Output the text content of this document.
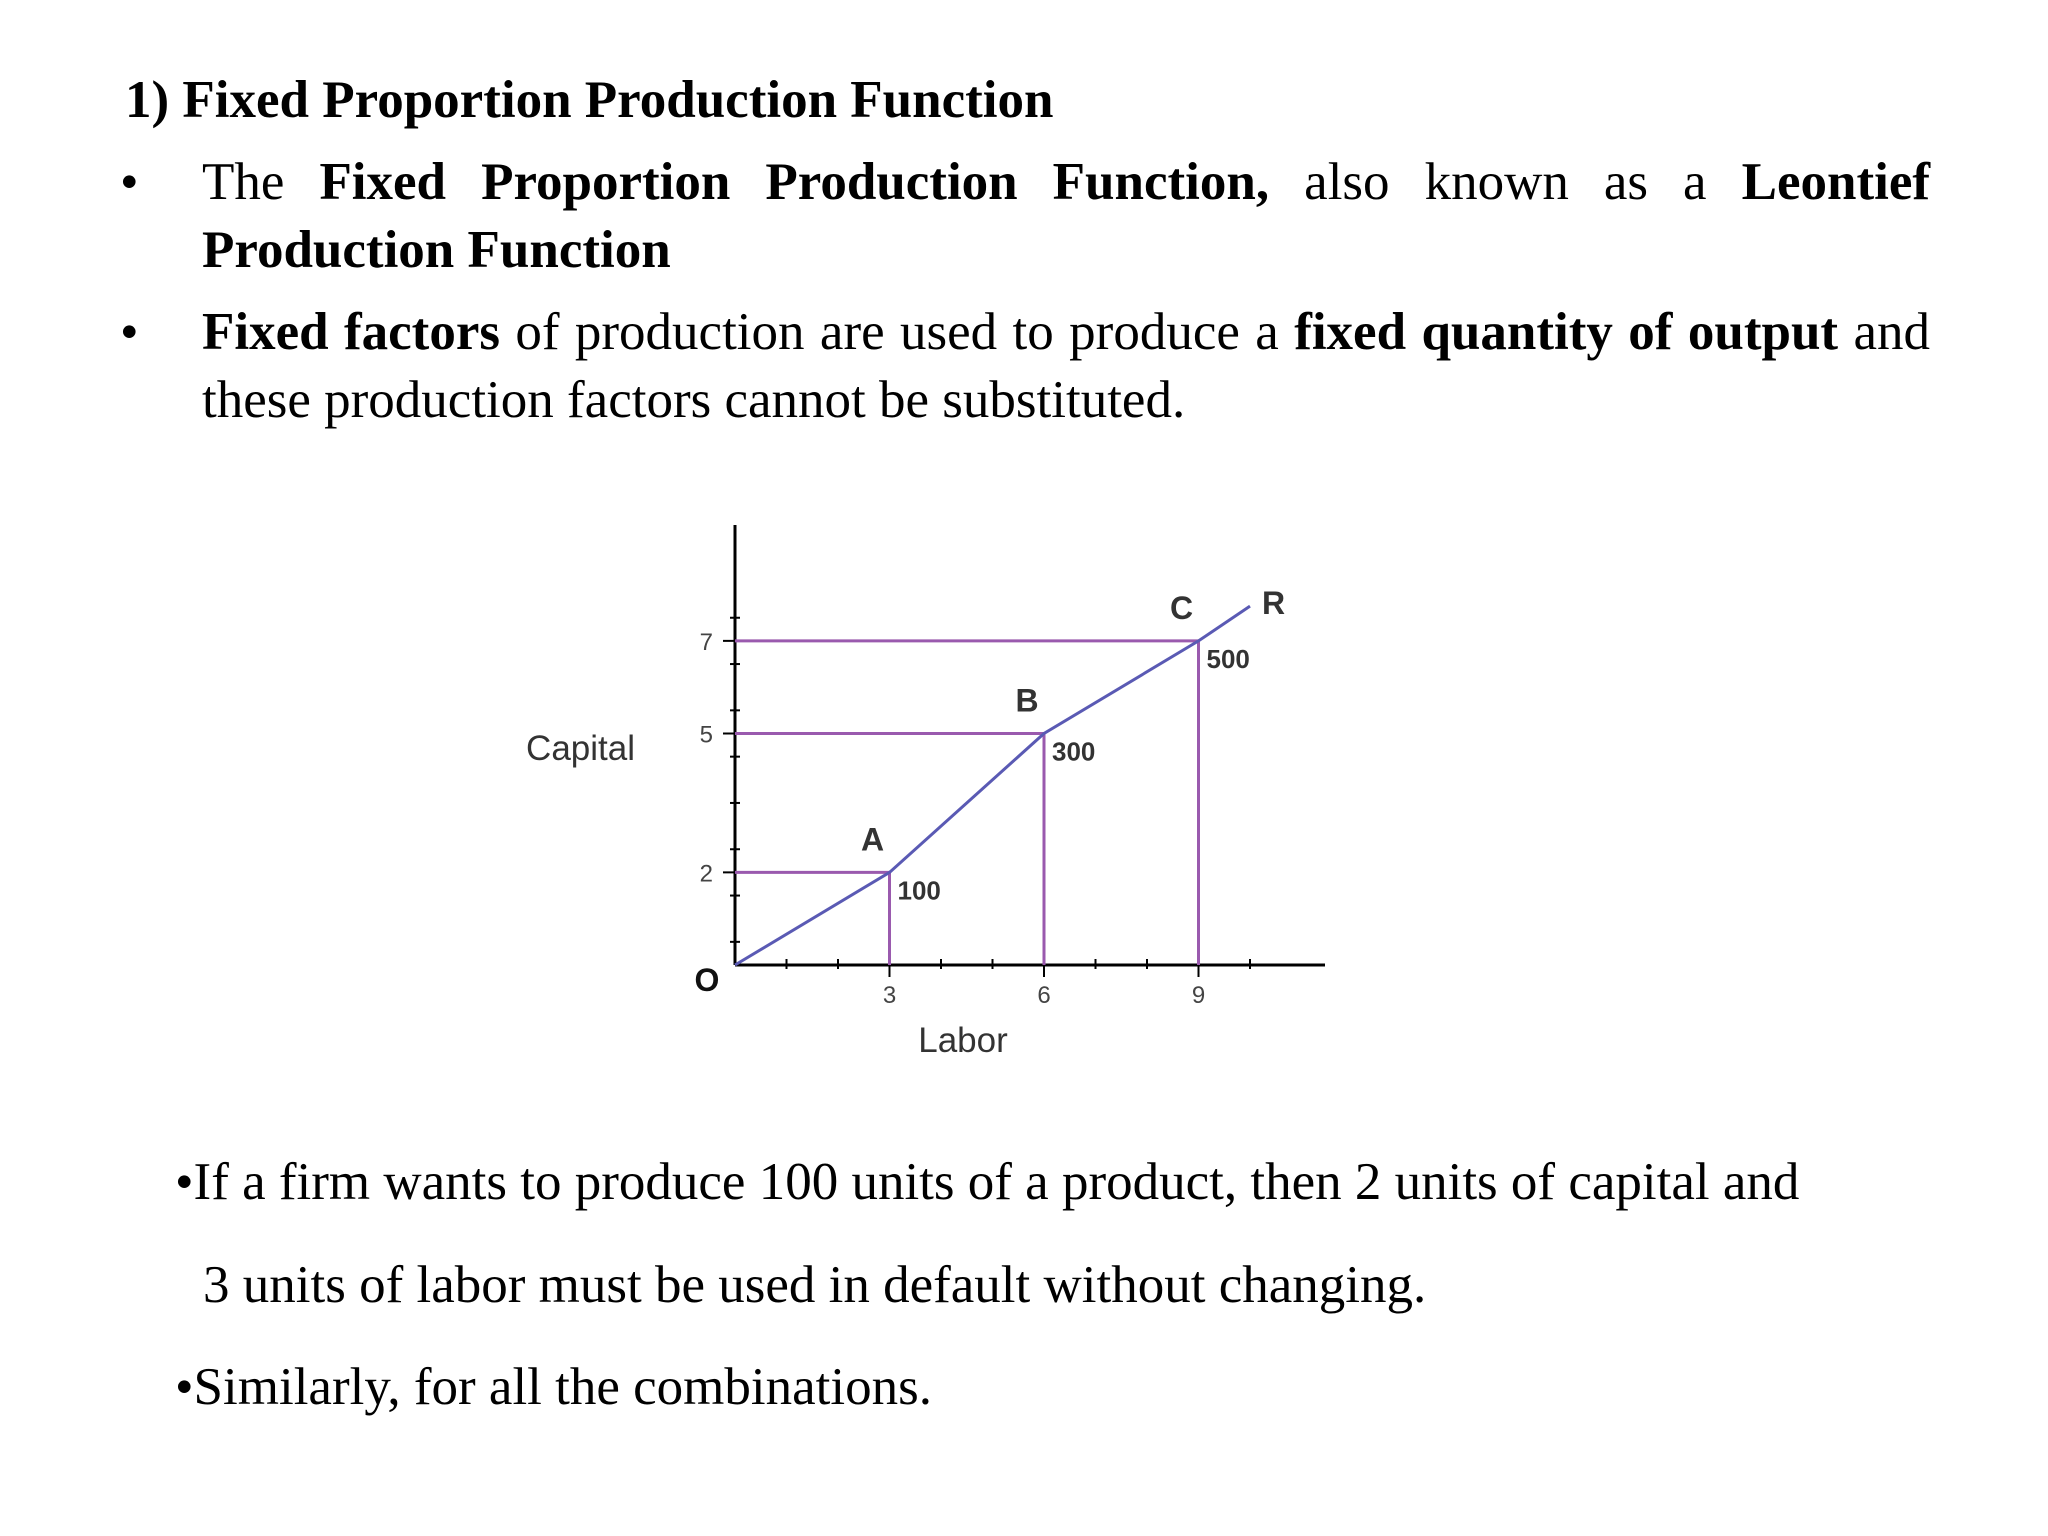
1) Fixed Proportion Production Function
• The Fixed Proportion Production Function, also known as a Leontief Production Function
• Fixed factors of production are used to produce a fixed quantity of output and these production factors cannot be substituted.
2
5
7
3	6	9
A
100
B
300
C
500
R
O
Capital
Labor
•If a firm wants to produce 100 units of a product, then 2 units of capital and
3 units of labor must be used in default without changing.
•Similarly, for all the combinations.
